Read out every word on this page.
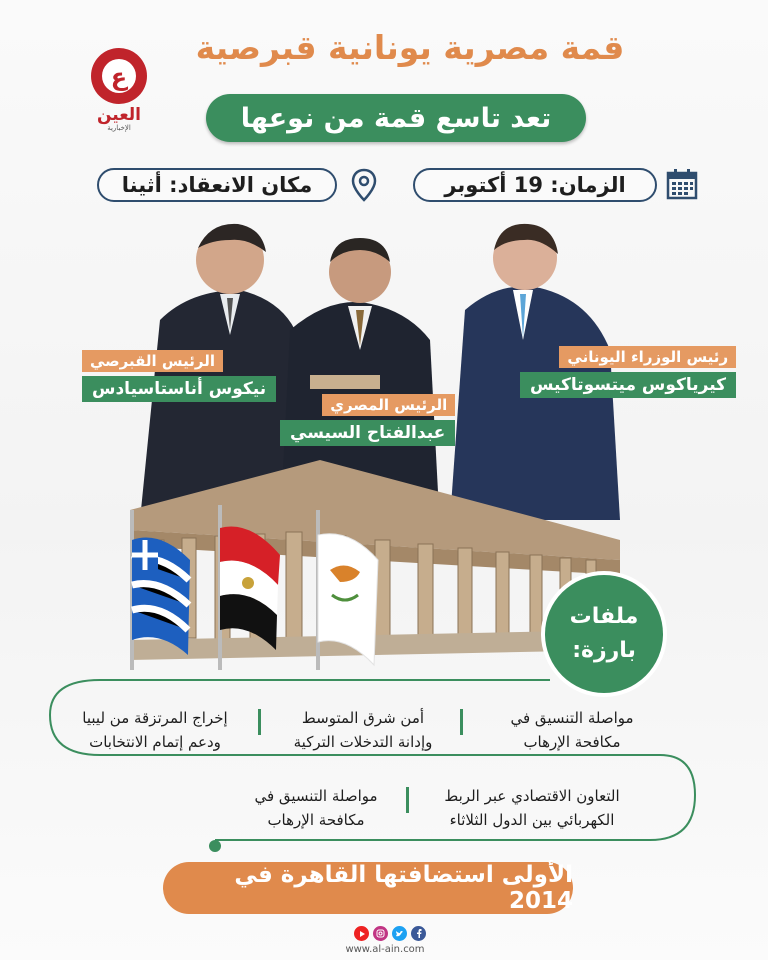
قمة مصرية يونانية قبرصية
ع
العين
الإخبارية	تعد تاسع قمة من نوعها
الزمان: 19 أكتوبر
مكان الانعقاد: أثينا
الرئيس القبرصي
نيكوس أناستاسيادس
الرئيس المصري
عبدالفتاح السيسي
رئيس الوزراء اليوناني
كيرياكوس ميتسوتاكيس
ملفات
بارزة:
مواصلة التنسيق في
مكافحة الإرهاب
أمن شرق المتوسط
وإدانة التدخلات التركية
إخراج المرتزقة من ليبيا
ودعم إتمام الانتخابات
التعاون الاقتصادي عبر الربط
الكهربائي بين الدول الثلاثاء
مواصلة التنسيق في
مكافحة الإرهاب
الأولى استضافتها القاهرة في 2014
www.al-ain.com
